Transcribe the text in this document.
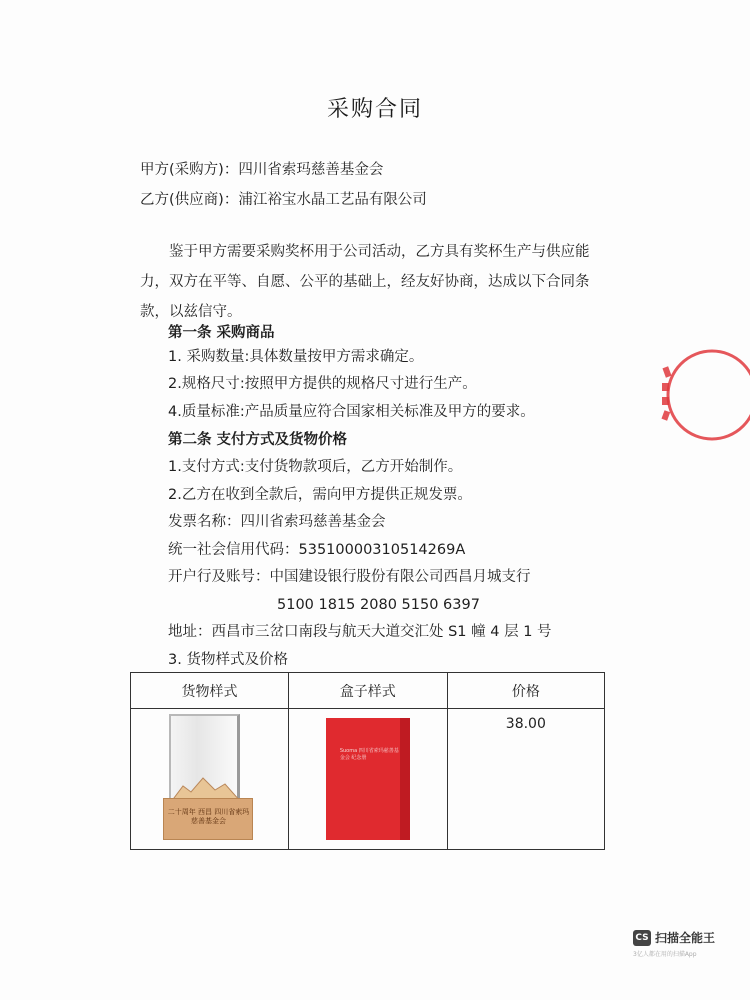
采购合同
甲方(采购方)：四川省索玛慈善基金会
乙方(供应商)：浦江裕宝水晶工艺品有限公司
鉴于甲方需要采购奖杯用于公司活动，乙方具有奖杯生产与供应能力，双方在平等、自愿、公平的基础上，经友好协商，达成以下合同条款，以兹信守。
第一条 采购商品
1. 采购数量:具体数量按甲方需求确定。
2.规格尺寸:按照甲方提供的规格尺寸进行生产。
4.质量标准:产品质量应符合国家相关标准及甲方的要求。
第二条 支付方式及货物价格
1.支付方式:支付货物款项后，乙方开始制作。
2.乙方在收到全款后，需向甲方提供正规发票。
发票名称：四川省索玛慈善基金会
统一社会信用代码：53510000310514269A
开户行及账号：中国建设银行股份有限公司西昌月城支行
5100 1815 2080 5150 6397
地址：西昌市三岔口南段与航天大道交汇处 S1 幢 4 层 1 号
3. 货物样式及价格
货物样式	盒子样式	价格

二十周年 西昌 四川省索玛慈善基金会	Suoma 四川省索玛慈善基金会 纪念册	38.00
CS 扫描全能王
3亿人都在用的扫描App
